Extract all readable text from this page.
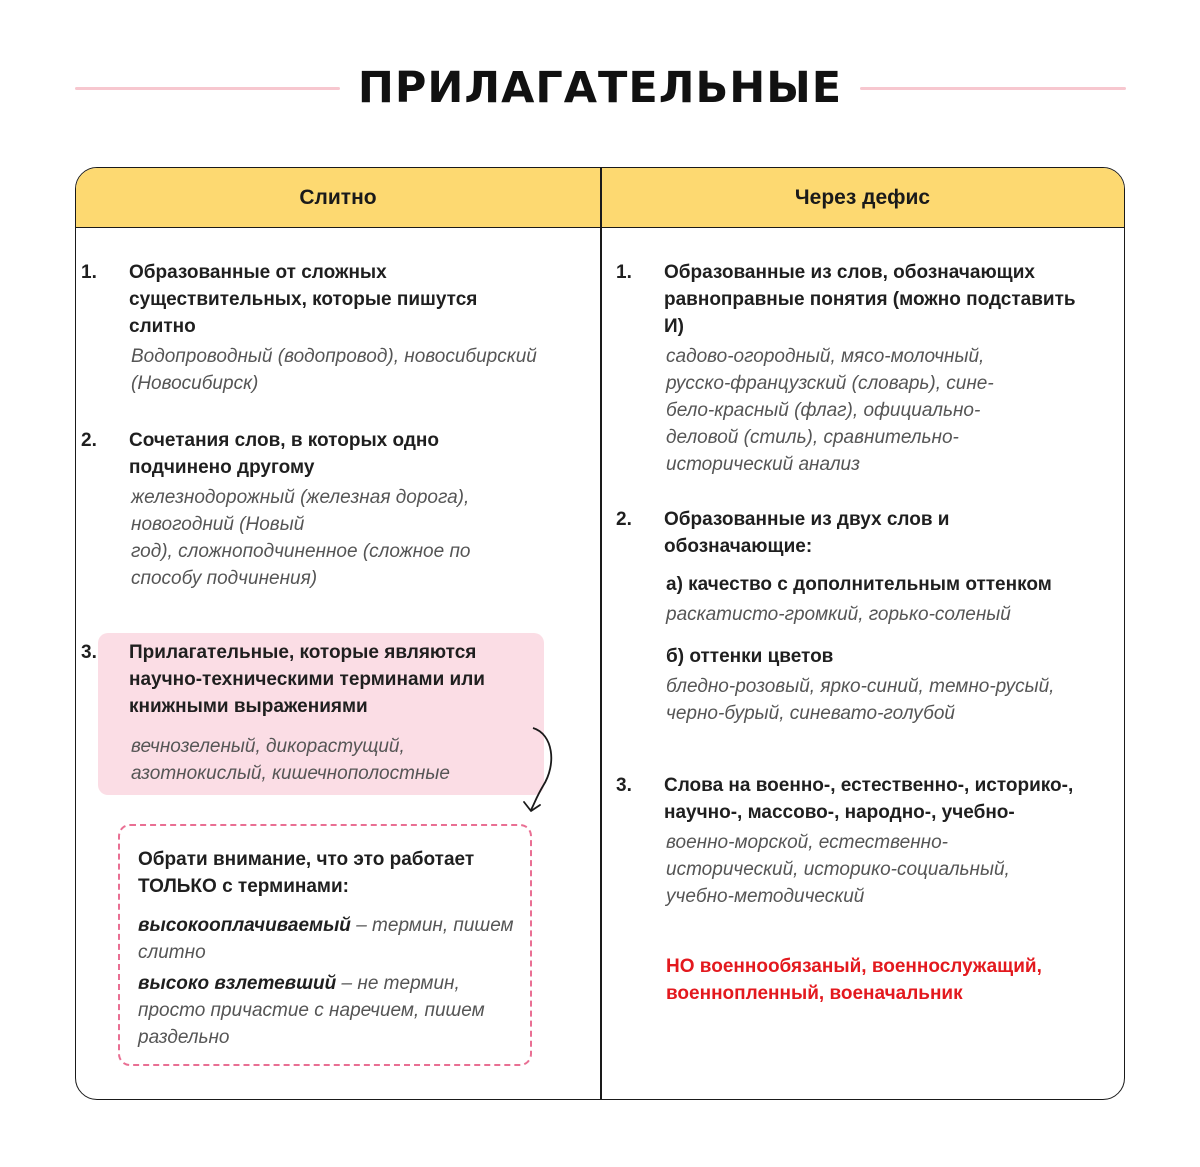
ПРИЛАГАТЕЛЬНЫЕ
Слитно	Через дефис
1. Образованные от сложных существительных, которые пишутся слитно
Водопроводный (водопровод), новосибирский (Новосибирск)
2. Сочетания слов, в которых одно подчинено другому
железнодорожный (железная дорога),
новогодний (Новый
год), сложноподчиненное (сложное по
способу подчинения)
3. Прилагательные, которые являются научно-техническими терминами или книжными выражениями
вечнозеленый, дикорастущий, азотнокислый, кишечнополостные
Обрати внимание, что это работает ТОЛЬКО с терминами:
высокооплачиваемый – термин, пишем слитно
высоко взлетевший – не термин, просто причастие с наречием, пишем раздельно
1. Образованные из слов, обозначающих равноправные понятия (можно подставить И)
садово-огородный, мясо-молочный,
русско-французский (словарь), сине-
бело-красный (флаг), официально-
деловой (стиль), сравнительно-
исторический анализ
2. Образованные из двух слов и обозначающие:
а) качество с дополнительным оттенком
раскатисто-громкий, горько-соленый
б) оттенки цветов
бледно-розовый, ярко-синий, темно-русый, черно-бурый, синевато-голубой
3. Слова на военно-, естественно-, историко-, научно-, массово-, народно-, учебно-
военно-морской, естественно-исторический, историко-социальный, учебно-методический
НО военнообязаный, военнослужащий, военнопленный, военачальник
